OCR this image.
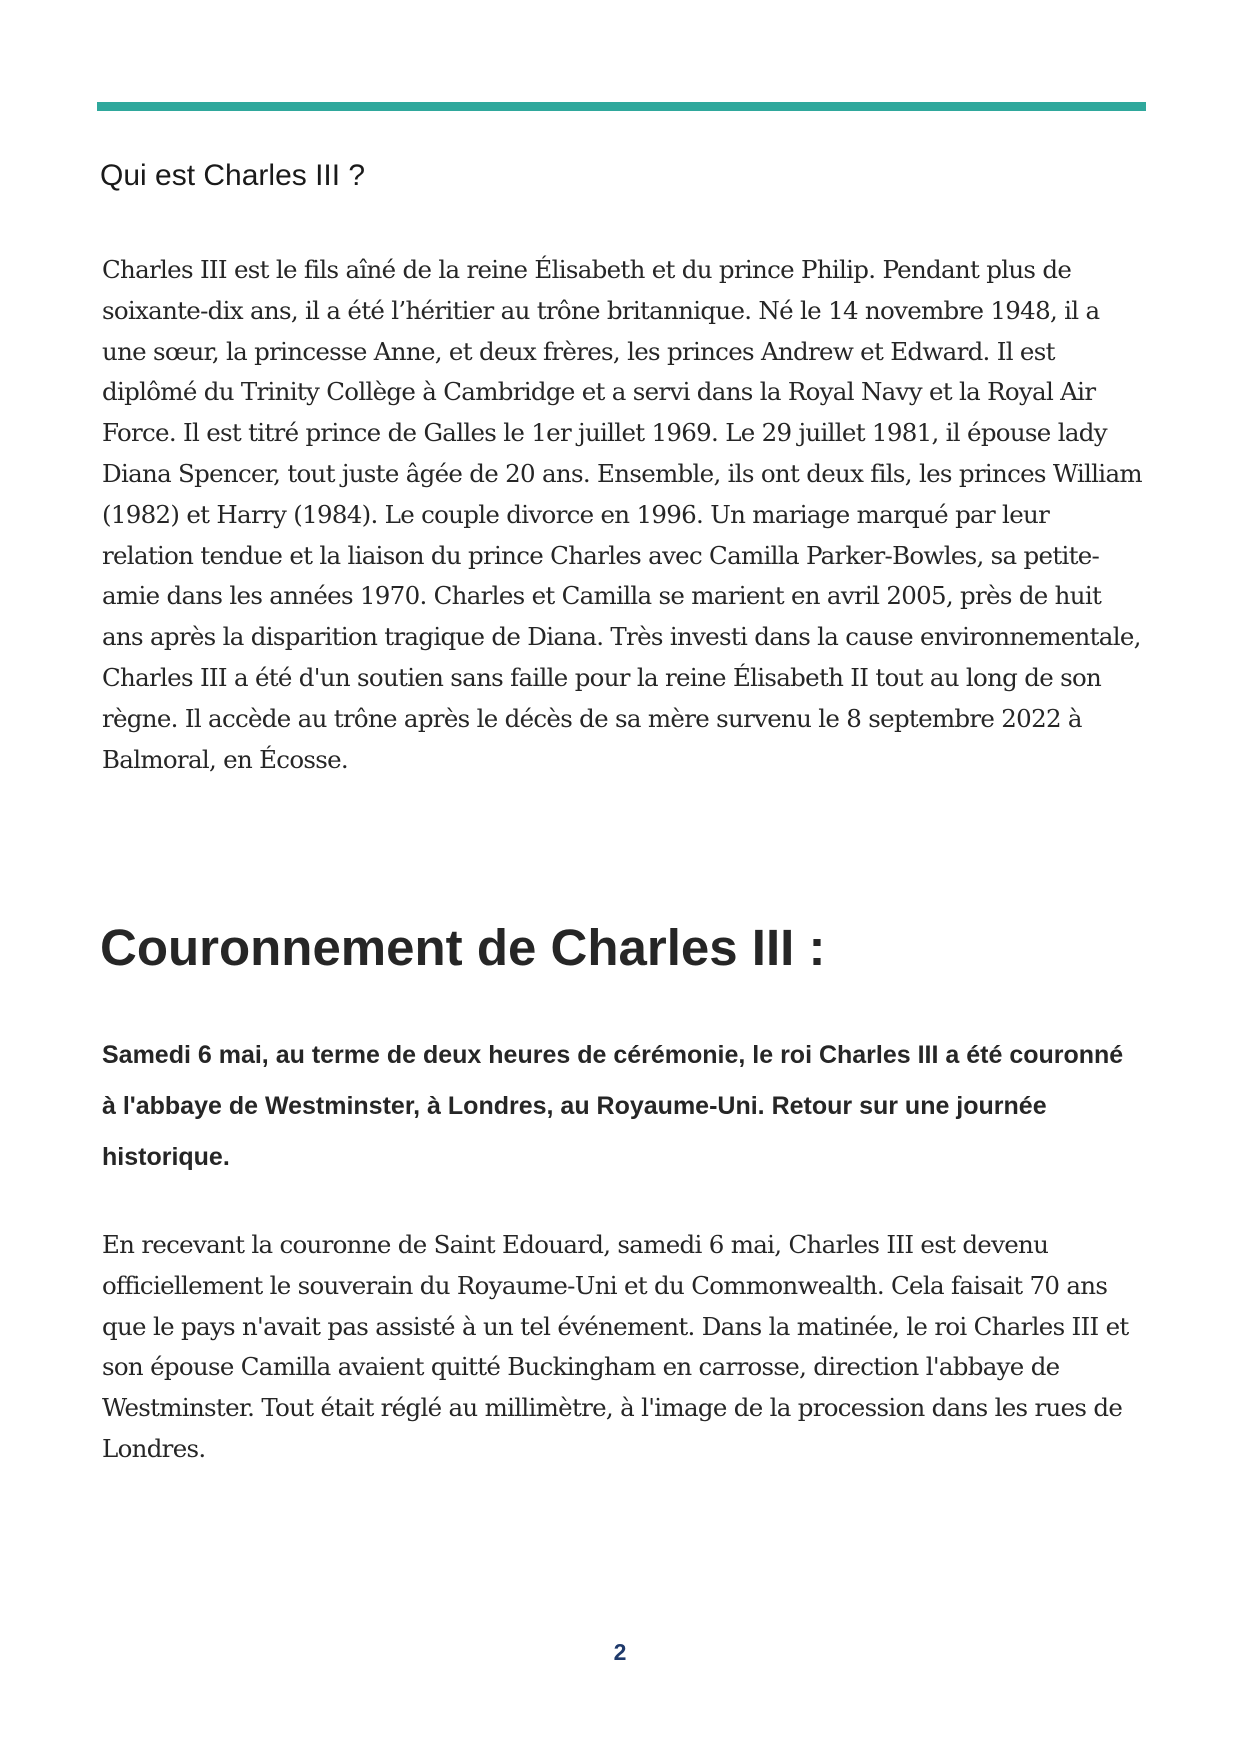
Qui est Charles III ?

Charles III est le fils aîné de la reine Élisabeth et du prince Philip. Pendant plus de soixante-dix ans, il a été l’héritier au trône britannique. Né le 14 novembre 1948, il a une sœur, la princesse Anne, et deux frères, les princes Andrew et Edward. Il est diplômé du Trinity Collège à Cambridge et a servi dans la Royal Navy et la Royal Air Force. Il est titré prince de Galles le 1er juillet 1969. Le 29 juillet 1981, il épouse lady Diana Spencer, tout juste âgée de 20 ans. Ensemble, ils ont deux fils, les princes William (1982) et Harry (1984). Le couple divorce en 1996. Un mariage marqué par leur relation tendue et la liaison du prince Charles avec Camilla Parker-Bowles, sa petite-amie dans les années 1970. Charles et Camilla se marient en avril 2005, près de huit ans après la disparition tragique de Diana. Très investi dans la cause environnementale, Charles III a été d'un soutien sans faille pour la reine Élisabeth II tout au long de son règne. Il accède au trône après le décès de sa mère survenu le 8 septembre 2022 à Balmoral, en Écosse.

Couronnement de Charles III :

Samedi 6 mai, au terme de deux heures de cérémonie, le roi Charles III a été couronné à l'abbaye de Westminster, à Londres, au Royaume-Uni. Retour sur une journée historique.

En recevant la couronne de Saint Edouard, samedi 6 mai, Charles III est devenu officiellement le souverain du Royaume-Uni et du Commonwealth. Cela faisait 70 ans que le pays n'avait pas assisté à un tel événement. Dans la matinée, le roi Charles III et son épouse Camilla avaient quitté Buckingham en carrosse, direction l'abbaye de Westminster. Tout était réglé au millimètre, à l'image de la procession dans les rues de Londres.

2
